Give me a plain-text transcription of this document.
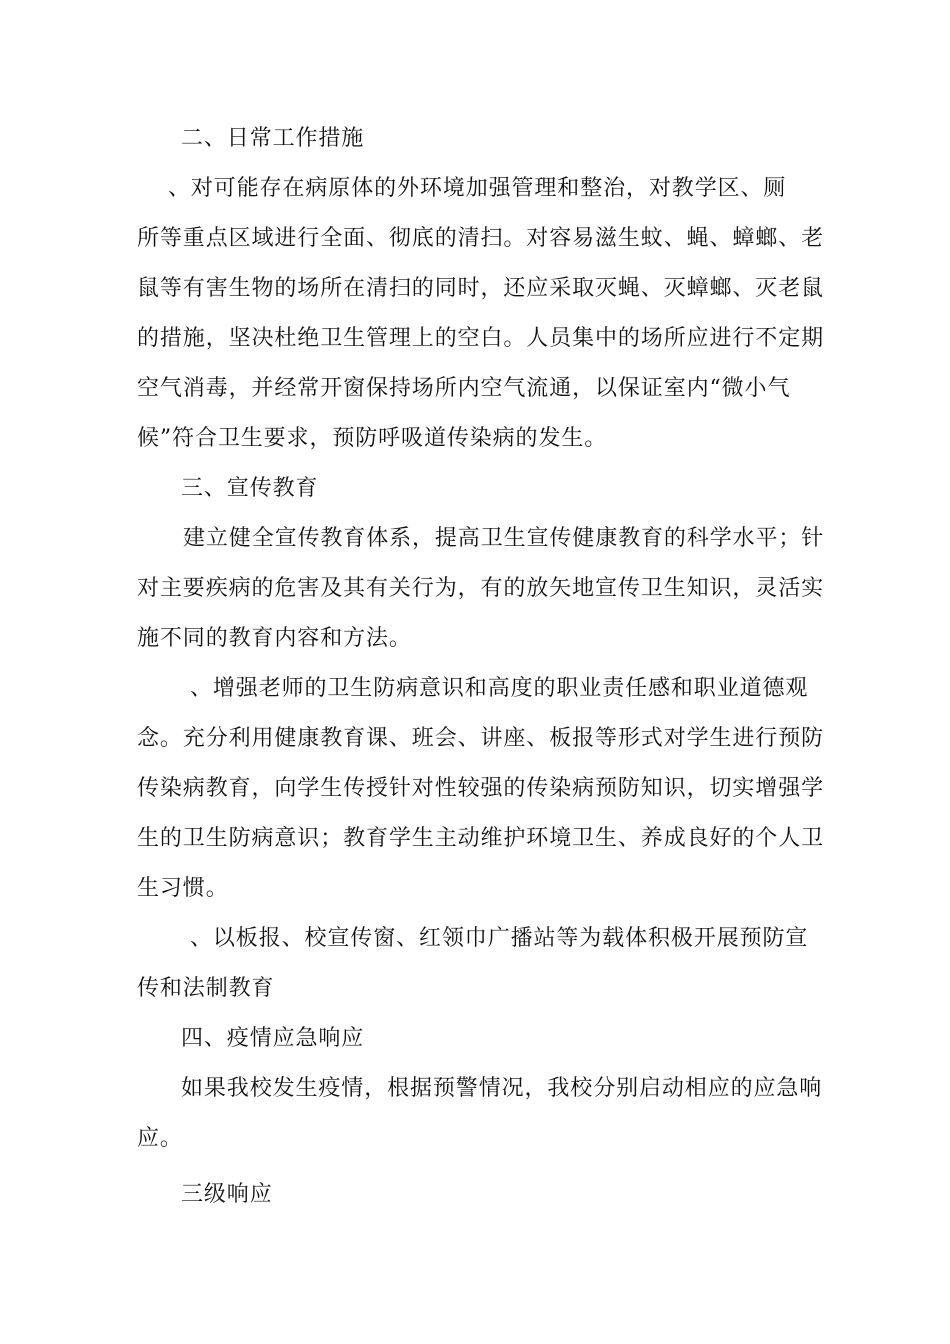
二、日常工作措施
、对可能存在病原体的外环境加强管理和整治，对教学区、厕
所等重点区域进行全面、彻底的清扫。对容易滋生蚊、蝇、蟑螂、老
鼠等有害生物的场所在清扫的同时，还应采取灭蝇、灭蟑螂、灭老鼠
的措施，坚决杜绝卫生管理上的空白。人员集中的场所应进行不定期
空气消毒，并经常开窗保持场所内空气流通，以保证室内“微小气
候”符合卫生要求，预防呼吸道传染病的发生。
三、宣传教育
建立健全宣传教育体系，提高卫生宣传健康教育的科学水平；针
对主要疾病的危害及其有关行为，有的放矢地宣传卫生知识，灵活实
施不同的教育内容和方法。
、增强老师的卫生防病意识和高度的职业责任感和职业道德观
念。充分利用健康教育课、班会、讲座、板报等形式对学生进行预防
传染病教育，向学生传授针对性较强的传染病预防知识，切实增强学
生的卫生防病意识；教育学生主动维护环境卫生、养成良好的个人卫
生习惯。
、以板报、校宣传窗、红领巾广播站等为载体积极开展预防宣
传和法制教育
四、疫情应急响应
如果我校发生疫情，根据预警情况，我校分别启动相应的应急响
应。
三级响应
